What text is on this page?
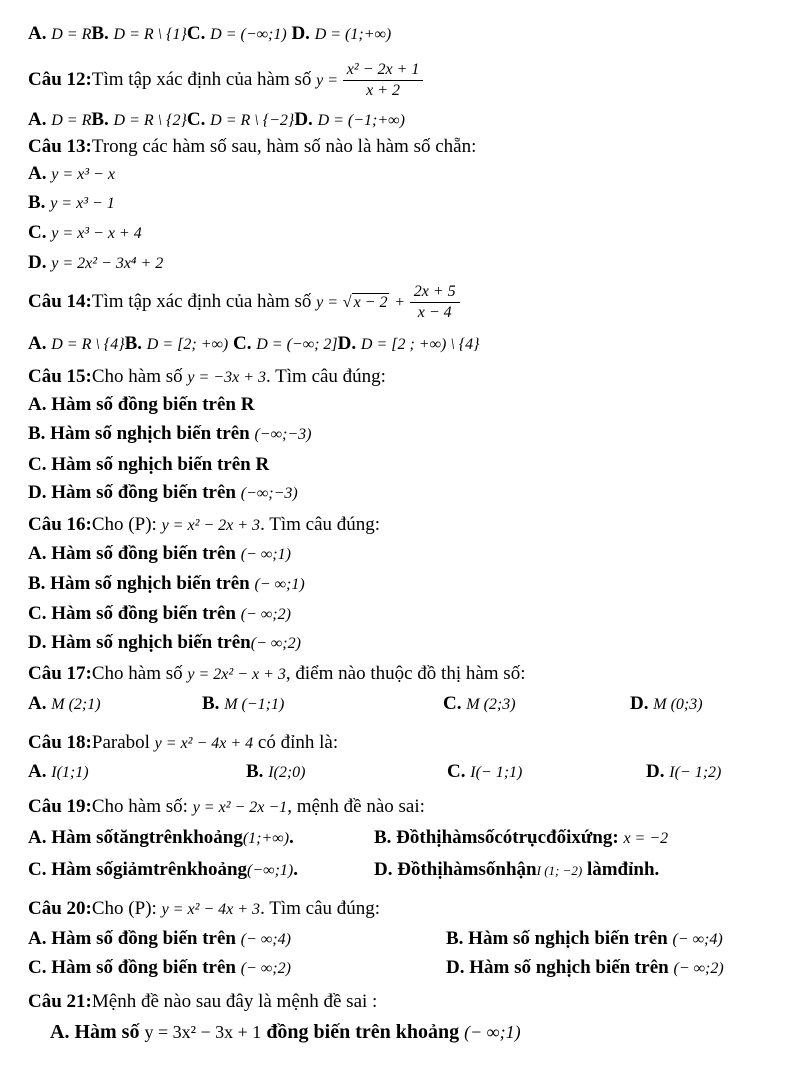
A. D = RB. D = R \ {1}C. D = (−∞;1) D. D = (1;+∞)
Câu 12:Tìm tập xác định của hàm số $y = \frac{\text{x² − 2x + 1}}{x + 2}$
A. D = RB. D = R \ {2}C. D = R \ {−2}D. D = (−1;+∞)
Câu 13:Trong các hàm số sau, hàm số nào là hàm số chẵn:
A. y = x³ − x
B. y = x³ − 1
C. y = x³ − x + 4
D. y = 2x² − 3x⁴ + 2
Câu 14:Tìm tập xác định của hàm số y = √ $x - 2 + \frac{2x + 5}{x - 4}$
A. D = R \ {4}B. D = [2; +∞) C. D = (−∞; 2]D. D = [2 ; +∞) \ {4}
Câu 15:Cho hàm số y = −3x + 3. Tìm câu đúng:
A. Hàm số đồng biến trên R
B. Hàm số nghịch biến trên (−∞;−3)
C. Hàm số nghịch biến trên R
D. Hàm số đồng biến trên (−∞;−3)
Câu 16:Cho (P): y = x² − 2x + 3. Tìm câu đúng:
A. Hàm số đồng biến trên (− ∞;1)
B. Hàm số nghịch biến trên (− ∞;1)
C. Hàm số đồng biến trên (− ∞;2)
D. Hàm số nghịch biến trên(− ∞;2)
Câu 17:Cho hàm số y = 2x² − x + 3, điểm nào thuộc đồ thị hàm số:
A. M (2;1)	B. M (−1;1)	C. M (2;3)	D. M (0;3)
Câu 18:Parabol y = x² − 4x + 4 có đỉnh là:
A. I(1;1)	B. I(2;0)	C. I(− 1;1)	D. I(− 1;2)
Câu 19:Cho hàm số: y = x² − 2x −1, mệnh đề nào sai:
A. Hàm sốtăngtrênkhoảng(1;+∞).	B. Đồthịhàmsốcótrụcđốixứng: x = −2
C. Hàm sốgiảmtrênkhoảng(−∞;1).	D. ĐồthịhàmsốnhậnI (1; −2) làmđỉnh.
Câu 20:Cho (P): y = x² − 4x + 3. Tìm câu đúng:
A. Hàm số đồng biến trên (− ∞;4)	B. Hàm số nghịch biến trên (− ∞;4)
C. Hàm số đồng biến trên (− ∞;2)	D. Hàm số nghịch biến trên (− ∞;2)
Câu 21:Mệnh đề nào sau đây là mệnh đề sai :
A. Hàm số y = 3x² − 3x + 1 đồng biến trên khoảng (− ∞;1)
